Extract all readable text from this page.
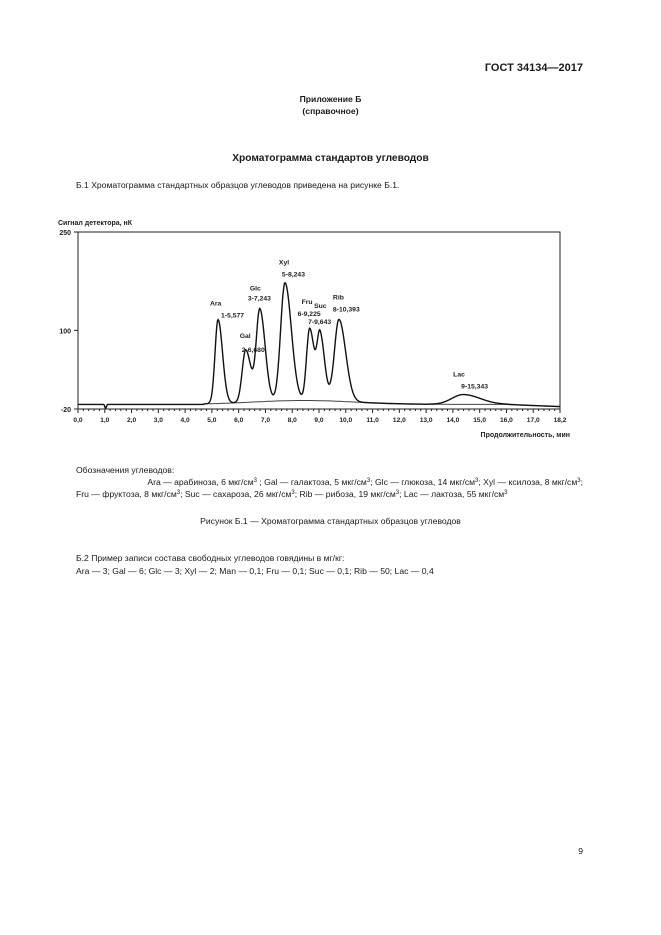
ГОСТ 34134—2017
Приложение Б
(справочное)
Хроматограмма стандартов углеводов
Б.1 Хроматограмма стандартных образцов углеводов приведена на рисунке Б.1.
Сигнал детектора, нК
Продолжительность, мин
250
100
-20
0,0	1,0	2,0	3,0	4,0	5,0	6,0	7,0	8,0	9,0 10,0 11,0 12,0 13,0 14,0 15,0 16,0 17,0 18,2
Ara
1-5,577
Gal
2-6,680
Glc
3-7,243
Xyl
5-8,243
Fru
6-9,225
Suc
7-9,643
Rib
8-10,393
Lac
9-15,343
Обозначения углеводов:
Ara — арабиноза, 6 мкг/$см^3$ ; Gal — галактоза, 5 мкг/$см^3$; Glc — глюкоза, 14 мкг/$см^3$; Xyl — ксилоза, 8 мкг/$см^3$;
Fru — фруктоза, 8 мкг/$см^3$; Suc — сахароза, 26 мкг/$см^3$; Rib — рибоза, 19 мкг/$см^3$; Lac — лактоза, 55 мкг/$см^3$
Рисунок Б.1 — Хроматограмма стандартных образцов углеводов
Б.2 Пример записи состава свободных углеводов говядины в мг/кг:
Ara — 3; Gal — 6; Glc — 3; Xyl — 2; Man — 0,1; Fru — 0,1; Suc — 0,1; Rib — 50; Lac — 0,4
9
